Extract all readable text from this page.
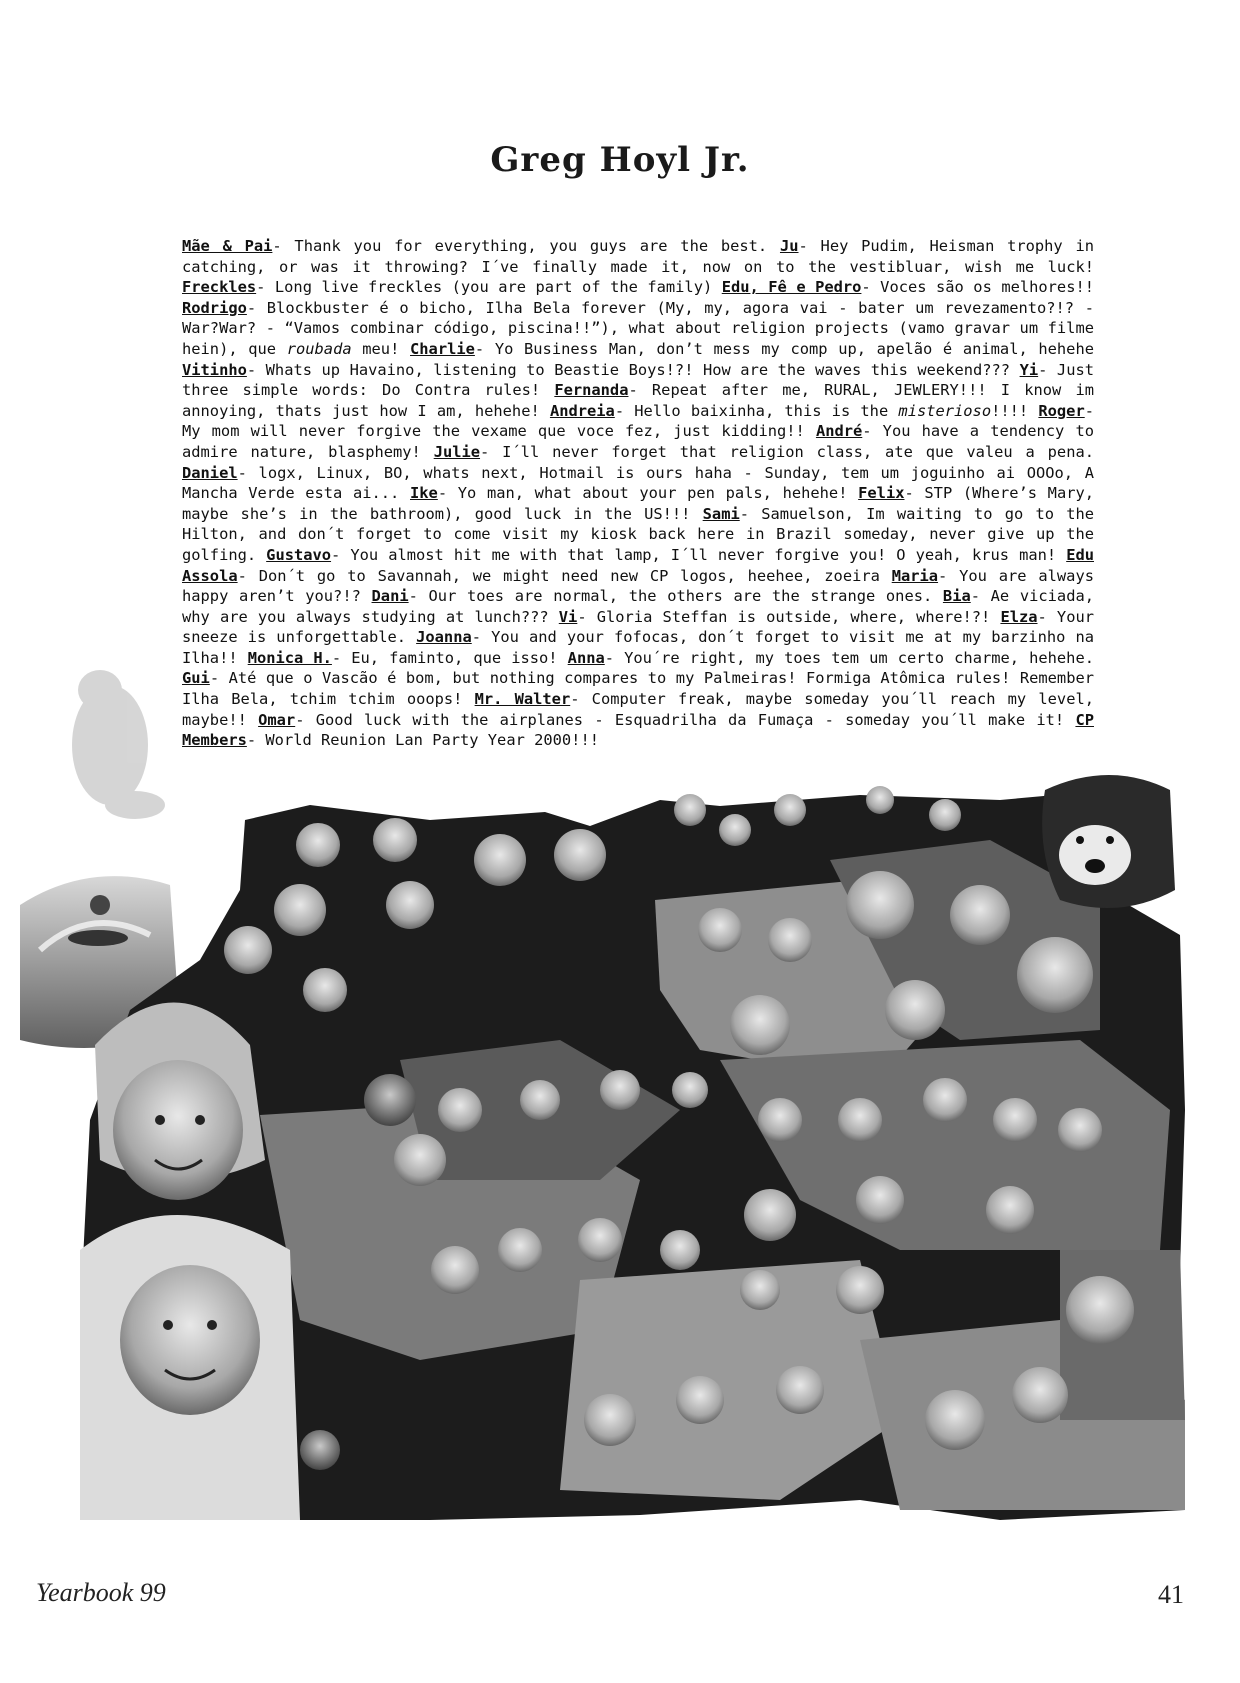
Greg Hoyl Jr.
Mãe & Pai- Thank you for everything, you guys are the best. Ju- Hey Pudim, Heisman trophy in catching, or was it throwing? I´ve finally made it, now on to the vestibluar, wish me luck! Freckles- Long live freckles (you are part of the family) Edu, Fê e Pedro- Voces são os melhores!! Rodrigo- Blockbuster é o bicho, Ilha Bela forever (My, my, agora vai - bater um revezamento?!? - War?War? - “Vamos combinar código, piscina!!”), what about religion projects (vamo gravar um filme hein), que roubada meu! Charlie- Yo Business Man, don’t mess my comp up, apelão é animal, hehehe Vitinho- Whats up Havaino, listening to Beastie Boys!?! How are the waves this weekend??? Yi- Just three simple words: Do Contra rules! Fernanda- Repeat after me, RURAL, JEWLERY!!! I know im annoying, thats just how I am, hehehe! Andreia- Hello baixinha, this is the misterioso!!!! Roger- My mom will never forgive the vexame que voce fez, just kidding!! André- You have a tendency to admire nature, blasphemy! Julie- I´ll never forget that religion class, ate que valeu a pena. Daniel- logx, Linux, BO, whats next, Hotmail is ours haha - Sunday, tem um joguinho ai OOOo, A Mancha Verde esta ai... Ike- Yo man, what about your pen pals, hehehe! Felix- STP (Where’s Mary, maybe she’s in the bathroom), good luck in the US!!! Sami- Samuelson, Im waiting to go to the Hilton, and don´t forget to come visit my kiosk back here in Brazil someday, never give up the golfing. Gustavo- You almost hit me with that lamp, I´ll never forgive you! O yeah, krus man! Edu Assola- Don´t go to Savannah, we might need new CP logos, heehee, zoeira Maria- You are always happy aren’t you?!? Dani- Our toes are normal, the others are the strange ones. Bia- Ae viciada, why are you always studying at lunch??? Vi- Gloria Steffan is outside, where, where!?! Elza- Your sneeze is unforgettable. Joanna- You and your fofocas, don´t forget to visit me at my barzinho na Ilha!! Monica H.- Eu, faminto, que isso! Anna- You´re right, my toes tem um certo charme, hehehe. Gui- Até que o Vascão é bom, but nothing compares to my Palmeiras! Formiga Atômica rules! Remember Ilha Bela, tchim tchim ooops! Mr. Walter- Computer freak, maybe someday you´ll reach my level, maybe!! Omar- Good luck with the airplanes - Esquadrilha da Fumaça - someday you´ll make it! CP Members- World Reunion Lan Party Year 2000!!!
Yearbook 99	41
